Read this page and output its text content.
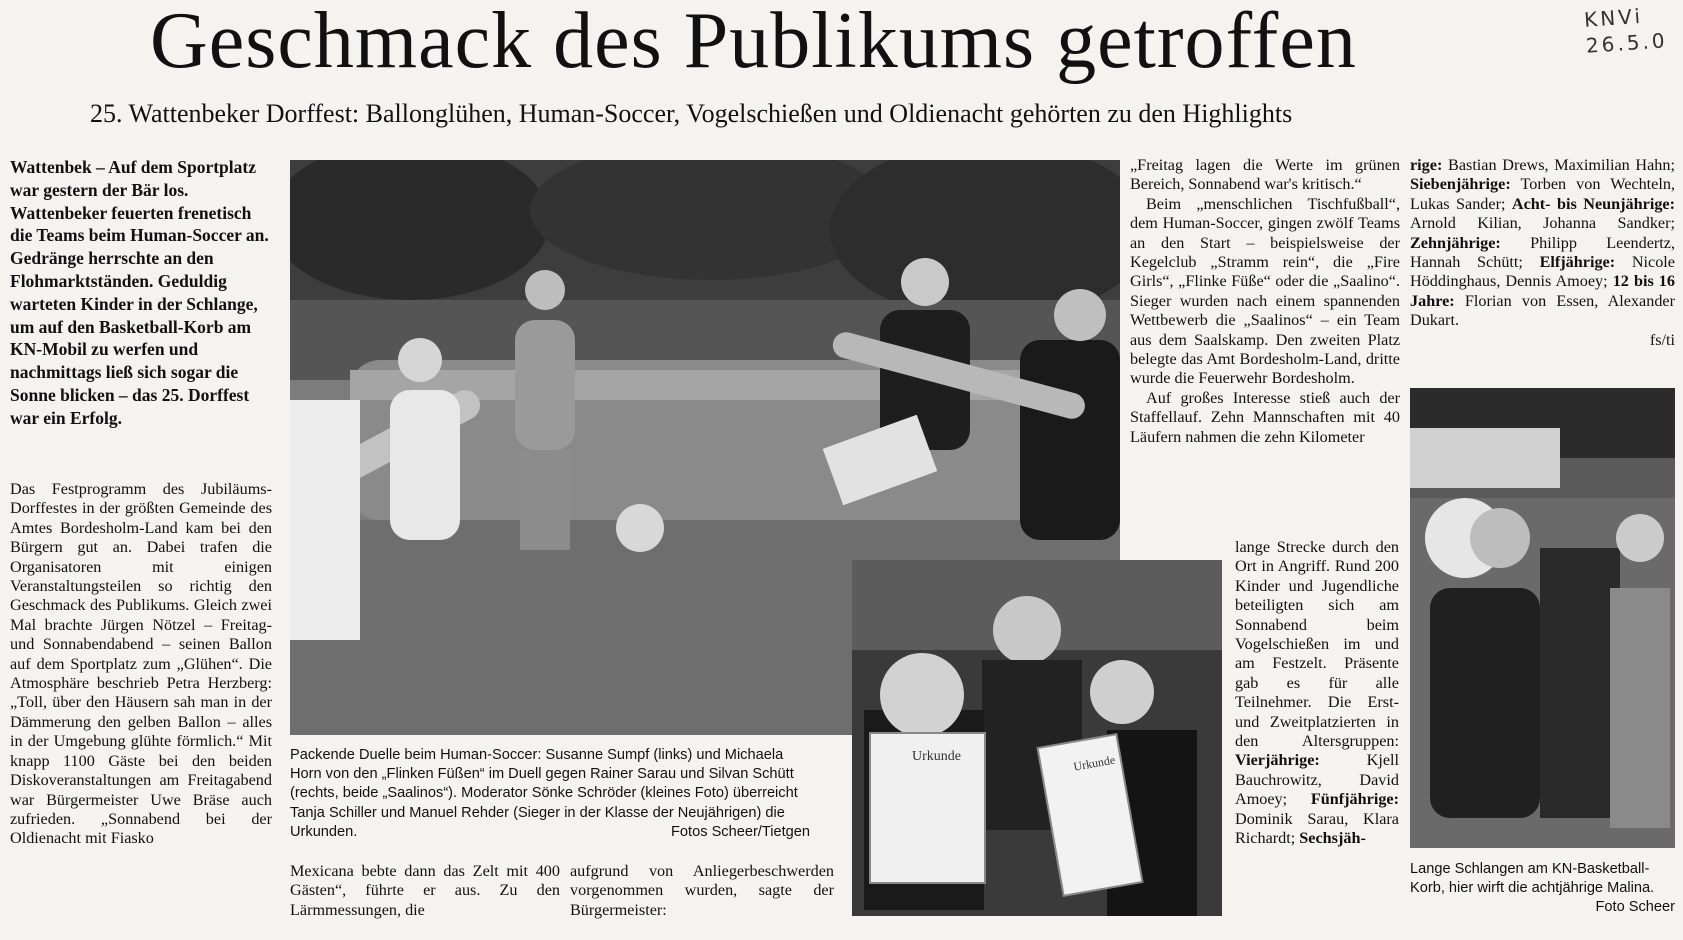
Geschmack des Publikums getroffen	KNVi
26.5.0
25. Wattenbeker Dorffest: Ballonglühen, Human-Soccer, Vogelschießen und Oldienacht gehörten zu den Highlights
Wattenbek – Auf dem Sportplatz war gestern der Bär los. Wattenbeker feuerten frenetisch die Teams beim Human-Soccer an. Gedränge herrschte an den Flohmarktständen. Geduldig warteten Kinder in der Schlange, um auf den Basketball-Korb am KN-Mobil zu werfen und nachmittags ließ sich sogar die Sonne blicken – das 25. Dorffest war ein Erfolg.
Das Festprogramm des Jubiläums-Dorffestes in der größten Gemeinde des Amtes Bordesholm-Land kam bei den Bürgern gut an. Dabei trafen die Organisatoren mit einigen Veranstaltungsteilen so richtig den Geschmack des Publikums. Gleich zwei Mal brachte Jürgen Nötzel – Freitag- und Sonnabendabend – seinen Ballon auf dem Sportplatz zum „Glühen“. Die Atmosphäre beschrieb Petra Herzberg: „Toll, über den Häusern sah man in der Dämmerung den gelben Ballon – alles in der Umgebung glühte förmlich.“ Mit knapp 1100 Gäste bei den beiden Diskoveranstaltungen am Freitagabend war Bürgermeister Uwe Bräse auch zufrieden. „Sonnabend bei der Oldienacht mit Fiasko
Packende Duelle beim Human-Soccer: Susanne Sumpf (links) und Michaela Horn von den „Flinken Füßen“ im Duell gegen Rainer Sarau und Silvan Schütt (rechts, beide „Saalinos“). Moderator Sönke Schröder (kleines Foto) überreicht Tanja Schiller und Manuel Rehder (Sieger in der Klasse der Neujährigen) die Urkunden.	Fotos Scheer/Tietgen
Urkunde	Urkunde
Mexicana bebte dann das Zelt mit 400 Gästen“, führte er aus. Zu den Lärmmessungen, die
aufgrund von Anliegerbeschwerden vorgenommen wurden, sagte der Bürgermeister:

„Freitag lagen die Werte im grünen Bereich, Sonnabend war's kritisch.“

Beim „menschlichen Tischfußball“, dem Human-Soccer, gingen zwölf Teams an den Start – beispielsweise der Kegelclub „Stramm rein“, die „Fire Girls“, „Flinke Füße“ oder die „Saalino“. Sieger wurden nach einem spannenden Wettbewerb die „Saalinos“ – ein Team aus dem Saalskamp. Den zweiten Platz belegte das Amt Bordesholm-Land, dritte wurde die Feuerwehr Bordesholm.

Auf großes Interesse stieß auch der Staffellauf. Zehn Mannschaften mit 40 Läufern nahmen die zehn Kilometer

lange Strecke durch den Ort in Angriff. Rund 200 Kinder und Jugendliche beteiligten sich am Sonnabend beim Vogelschießen im und am Festzelt. Präsente gab es für alle Teilnehmer. Die Erst- und Zweitplatzierten in den Altersgruppen: Vierjährige: Kjell Bauchrowitz, David Amoey; Fünfjährige: Dominik Sarau, Klara Richardt; Sechsjäh-
rige: Bastian Drews, Maximilian Hahn; Siebenjährige: Torben von Wechteln, Lukas Sander; Acht- bis Neunjährige: Arnold Kilian, Johanna Sandker; Zehnjährige: Philipp Leendertz, Hannah Schütt; Elfjährige: Nicole Höddinghaus, Dennis Amoey; 12 bis 16 Jahre: Florian von Essen, Alexander Dukart.
fs/ti
Lange Schlangen am KN-Basketball-Korb, hier wirft die achtjährige Malina.
Foto Scheer
